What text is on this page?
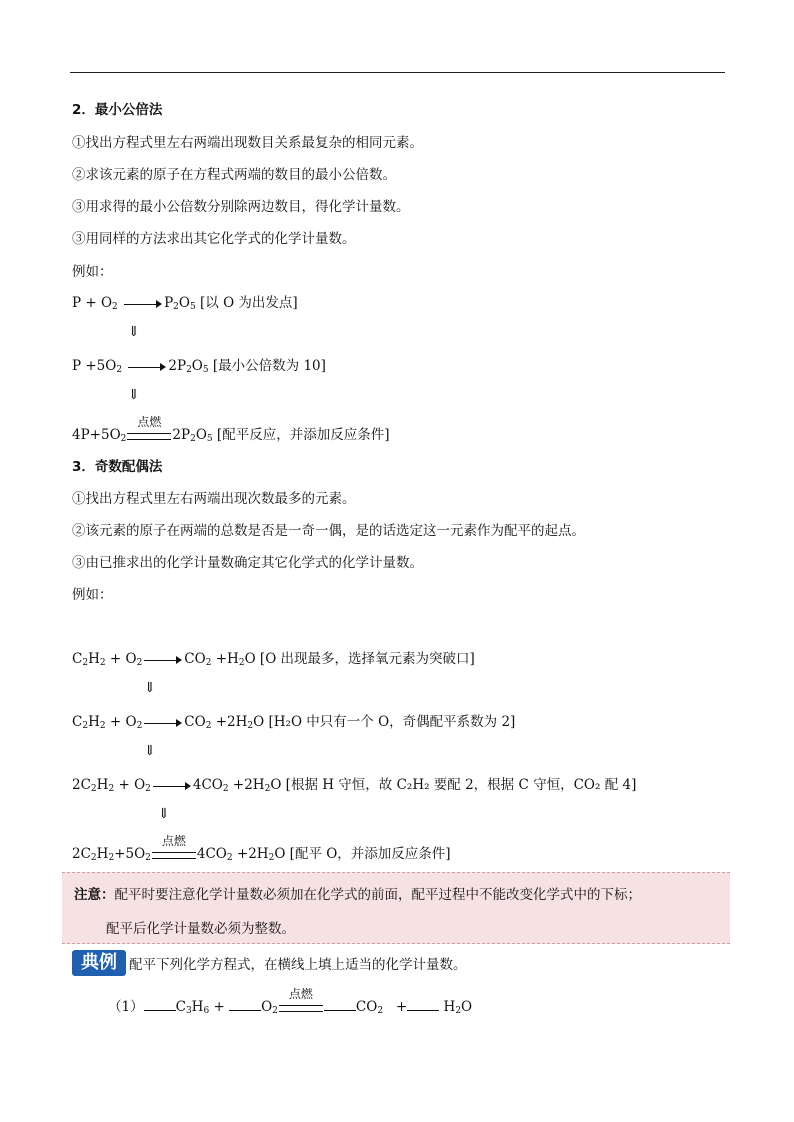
2．最小公倍法
①找出方程式里左右两端出现数目关系最复杂的相同元素。
②求该元素的原子在方程式两端的数目的最小公倍数。
③用求得的最小公倍数分别除两边数目，得化学计量数。
③用同样的方法求出其它化学式的化学计量数。
例如：
$P + O_2$	$P_2O_5$ [以 O 为出发点]
⇓
$P +5O_2$	$2P_2O_5$ [最小公倍数为 10]
⇓
$4P+5O_2$
点燃
$2P_2O_5$ [配平反应，并添加反应条件]
3．奇数配偶法
①找出方程式里左右两端出现次数最多的元素。
②该元素的原子在两端的总数是否是一奇一偶，是的话选定这一元素作为配平的起点。
③由已推求出的化学计量数确定其它化学式的化学计量数。
例如：
$C_2H_2 + O_2$	$CO_2 +H_2O$ [O 出现最多，选择氧元素为突破口]
⇓
$C_2H_2 + O_2$	$CO_2 +2H_2O$ [H₂O 中只有一个 O，奇偶配平系数为 2]
⇓
$2C_2H_2 + O_2$	$4CO_2 +2H_2O$ [根据 H 守恒，故 C₂H₂ 要配 2，根据 C 守恒，CO₂ 配 4]
⇓
$2C_2H_2+5O_2$
点燃
$4CO_2 +2H_2O$ [配平 O，并添加反应条件]
注意：配平时要注意化学计量数必须加在化学式的前面，配平过程中不能改变化学式中的下标；
配平后化学计量数必须为整数。
典例 配平下列化学方程式，在横线上填上适当的化学计量数。
（1） $C_3H_6 + O_2$
点燃
$CO_2 + H_2O$
